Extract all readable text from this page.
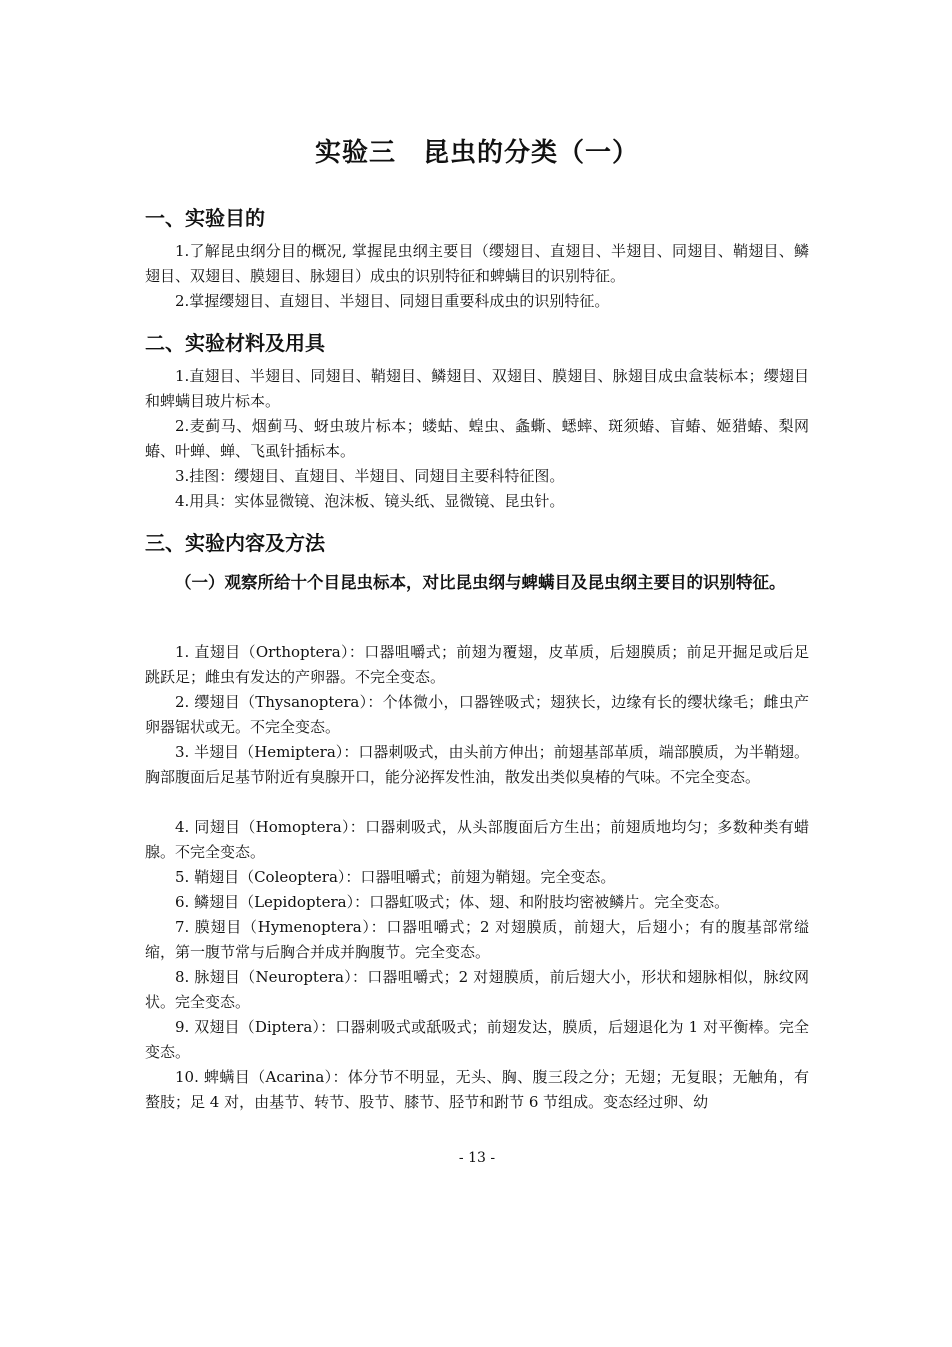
实验三　昆虫的分类（一）
一、实验目的

1.了解昆虫纲分目的概况, 掌握昆虫纲主要目（缨翅目、直翅目、半翅目、同翅目、鞘翅目、鳞翅目、双翅目、膜翅目、脉翅目）成虫的识别特征和蜱螨目的识别特征。

2.掌握缨翅目、直翅目、半翅目、同翅目重要科成虫的识别特征。

二、实验材料及用具

1.直翅目、半翅目、同翅目、鞘翅目、鳞翅目、双翅目、膜翅目、脉翅目成虫盒装标本；缨翅目和蜱螨目玻片标本。

2.麦蓟马、烟蓟马、蚜虫玻片标本；蝼蛄、蝗虫、螽蟖、蟋蟀、斑须蝽、盲蝽、姬猎蝽、梨网蝽、叶蝉、蝉、飞虱针插标本。

3.挂图：缨翅目、直翅目、半翅目、同翅目主要科特征图。

4.用具：实体显微镜、泡沫板、镜头纸、显微镜、昆虫针。

三、实验内容及方法

（一）观察所给十个目昆虫标本，对比昆虫纲与蜱螨目及昆虫纲主要目的识别特征。

1. 直翅目（Orthoptera）：口器咀嚼式；前翅为覆翅，皮革质，后翅膜质；前足开掘足或后足跳跃足；雌虫有发达的产卵器。不完全变态。

2. 缨翅目（Thysanoptera）：个体微小，口器锉吸式；翅狭长，边缘有长的缨状缘毛；雌虫产卵器锯状或无。不完全变态。

3. 半翅目（Hemiptera）：口器刺吸式，由头前方伸出；前翅基部革质，端部膜质，为半鞘翅。胸部腹面后足基节附近有臭腺开口，能分泌挥发性油，散发出类似臭椿的气味。不完全变态。

4. 同翅目（Homoptera）：口器刺吸式，从头部腹面后方生出；前翅质地均匀；多数种类有蜡腺。不完全变态。

5. 鞘翅目（Coleoptera）：口器咀嚼式；前翅为鞘翅。完全变态。

6. 鳞翅目（Lepidoptera）：口器虹吸式；体、翅、和附肢均密被鳞片。完全变态。

7. 膜翅目（Hymenoptera）：口器咀嚼式；2 对翅膜质，前翅大，后翅小；有的腹基部常缢缩，第一腹节常与后胸合并成并胸腹节。完全变态。

8. 脉翅目（Neuroptera）：口器咀嚼式；2 对翅膜质，前后翅大小，形状和翅脉相似，脉纹网状。完全变态。

9. 双翅目（Diptera）：口器刺吸式或舐吸式；前翅发达，膜质，后翅退化为 1 对平衡棒。完全变态。

10. 蜱螨目（Acarina）：体分节不明显，无头、胸、腹三段之分；无翅；无复眼；无触角，有螯肢；足 4 对，由基节、转节、股节、膝节、胫节和跗节 6 节组成。变态经过卵、幼

- 13 -
